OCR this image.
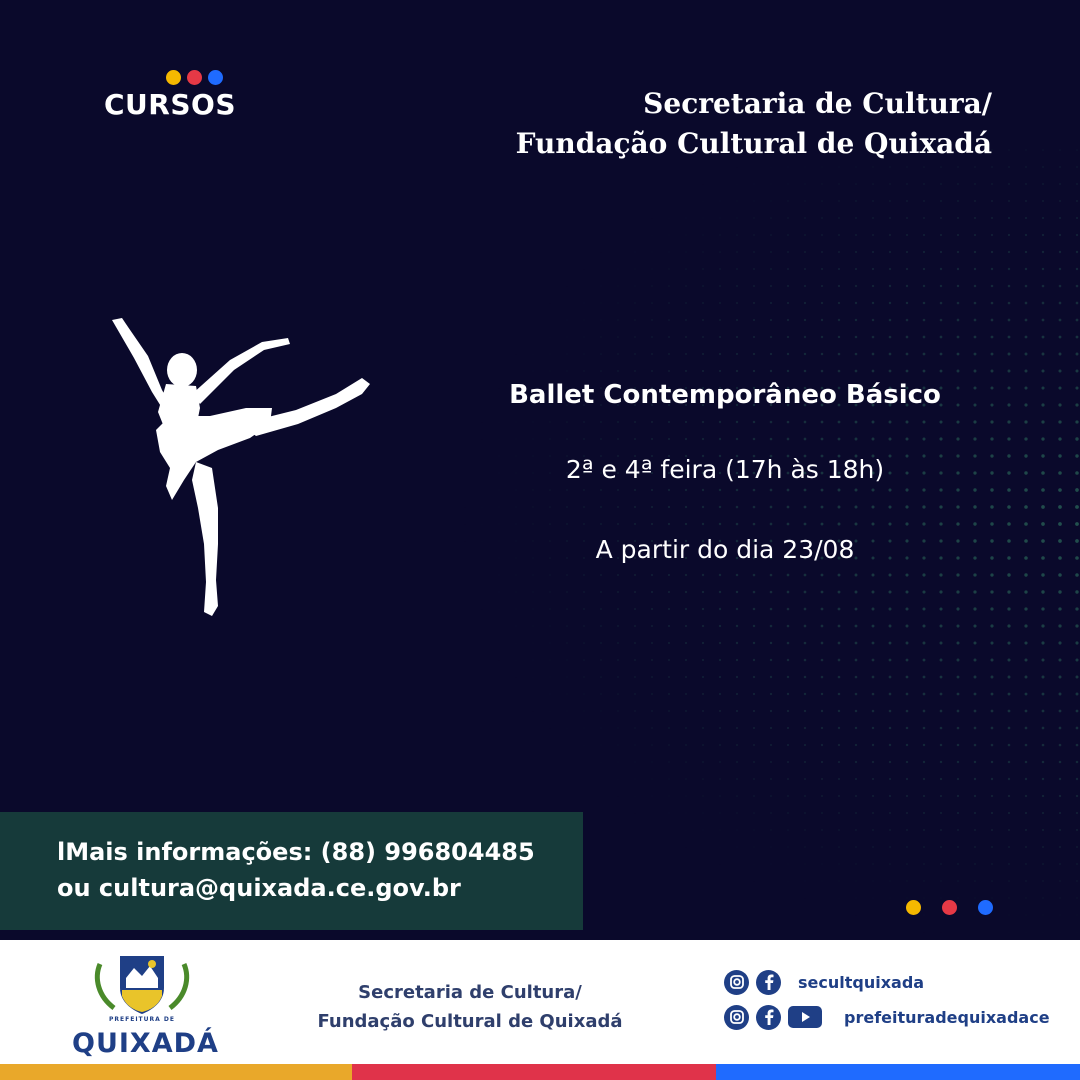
CURSOS	Secretaria de Cultura/
Fundação Cultural de Quixadá
Ballet Contemporâneo Básico
2ª e 4ª feira (17h às 18h)
A partir do dia 23/08
lMais informações: (88) 996804485
ou cultura@quixada.ce.gov.br
PREFEITURA DE
QUIXADÁ
Secretaria de Cultura/
Fundação Cultural de Quixadá
secultquixada
prefeituradequixadace
